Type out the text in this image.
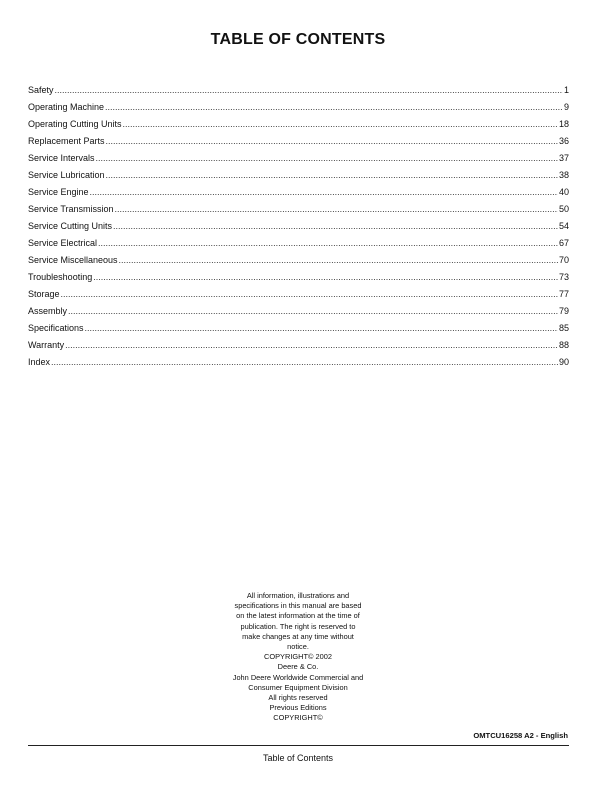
TABLE OF CONTENTS
Safety .....	1
Operating Machine .....	9
Operating Cutting Units .....	18
Replacement Parts .....	36
Service Intervals .....	37
Service Lubrication .....	38
Service Engine .....	40
Service Transmission .....	50
Service Cutting Units .....	54
Service Electrical .....	67
Service Miscellaneous .....	70
Troubleshooting .....	73
Storage .....	77
Assembly .....	79
Specifications .....	85
Warranty .....	88
Index .....	90
All information, illustrations and
specifications in this manual are based
on the latest information at the time of
publication. The right is reserved to
make changes at any time without
notice.
COPYRIGHT© 2002
Deere & Co.
John Deere Worldwide Commercial and
Consumer Equipment Division
All rights reserved
Previous Editions
COPYRIGHT©
OMTCU16258 A2 - English
Table of Contents
